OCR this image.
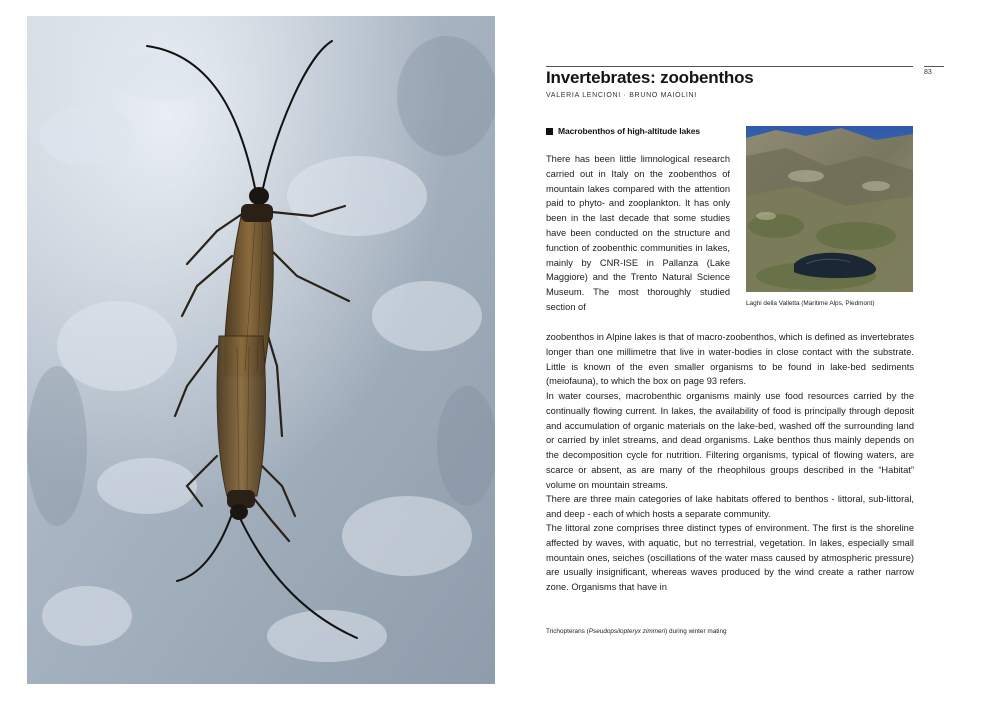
83
Invertebrates: zoobenthos
VALERIA LENCIONI · BRUNO MAIOLINI
Macrobenthos of high-altitude lakes
Laghi della Valletta (Maritime Alps, Piedmont)

There has been little limnological research carried out in Italy on the zoobenthos of mountain lakes compared with the attention paid to phyto- and zooplankton. It has only been in the last decade that some studies have been conducted on the structure and function of zoobenthic communities in lakes, mainly by CNR-ISE in Pallanza (Lake Maggiore) and the Trento Natural Science Museum. The most thoroughly studied section of

zoobenthos in Alpine lakes is that of macro-zoobenthos, which is defined as invertebrates longer than one millimetre that live in water-bodies in close contact with the substrate. Little is known of the even smaller organisms to be found in lake-bed sediments (meiofauna), to which the box on page 93 refers.

In water courses, macrobenthic organisms mainly use food resources carried by the continually flowing current. In lakes, the availability of food is principally through deposit and accumulation of organic materials on the lake-bed, washed off the surrounding land or carried by inlet streams, and dead organisms. Lake benthos thus mainly depends on the decomposition cycle for nutrition. Filtering organisms, typical of flowing waters, are scarce or absent, as are many of the rheophilous groups described in the “Habitat” volume on mountain streams.

There are three main categories of lake habitats offered to benthos - littoral, sub-littoral, and deep - each of which hosts a separate community.

The littoral zone comprises three distinct types of environment. The first is the shoreline affected by waves, with aquatic, but no terrestrial, vegetation. In lakes, especially small mountain ones, seiches (oscillations of the water mass caused by atmospheric pressure) are usually insignificant, whereas waves produced by the wind create a rather narrow zone. Organisms that have in

Trichopterans (Pseudopsilopteryx zimmeri) during winter mating
